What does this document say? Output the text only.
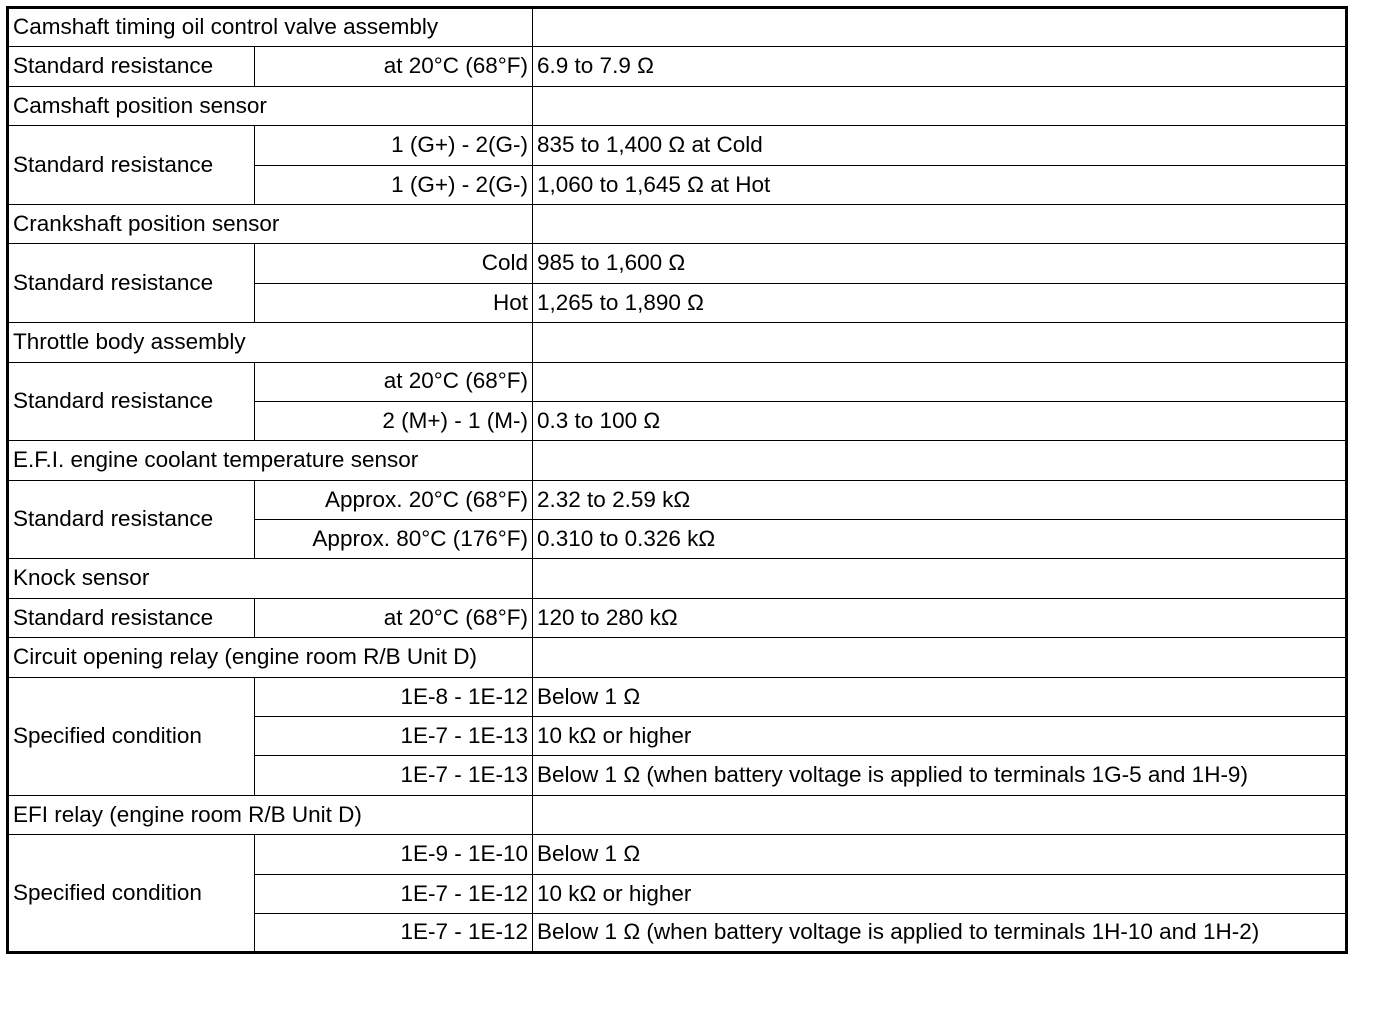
Camshaft timing oil control valve assembly		
Standard resistance	at 20°C (68°F)	6.9 to 7.9 Ω
Camshaft position sensor		
Standard resistance	1 (G+) - 2(G-)	835 to 1,400 Ω at Cold
	1 (G+) - 2(G-)	1,060 to 1,645 Ω at Hot
Crankshaft position sensor		
Standard resistance	Cold	985 to 1,600 Ω
	Hot	1,265 to 1,890 Ω
Throttle body assembly		
Standard resistance	at 20°C (68°F)	
	2 (M+) - 1 (M-)	0.3 to 100 Ω
E.F.I. engine coolant temperature sensor		
Standard resistance	Approx. 20°C (68°F)	2.32 to 2.59 kΩ
	Approx. 80°C (176°F)	0.310 to 0.326 kΩ
Knock sensor		
Standard resistance	at 20°C (68°F)	120 to 280 kΩ
Circuit opening relay (engine room R/B Unit D)		
Specified condition	1E-8 - 1E-12	Below 1 Ω
	1E-7 - 1E-13	10 kΩ or higher
	1E-7 - 1E-13	Below 1 Ω (when battery voltage is applied to terminals 1G-5 and 1H-9)
EFI relay (engine room R/B Unit D)		
Specified condition	1E-9 - 1E-10	Below 1 Ω
	1E-7 - 1E-12	10 kΩ or higher
	1E-7 - 1E-12	Below 1 Ω (when battery voltage is applied to terminals 1H-10 and 1H-2)
